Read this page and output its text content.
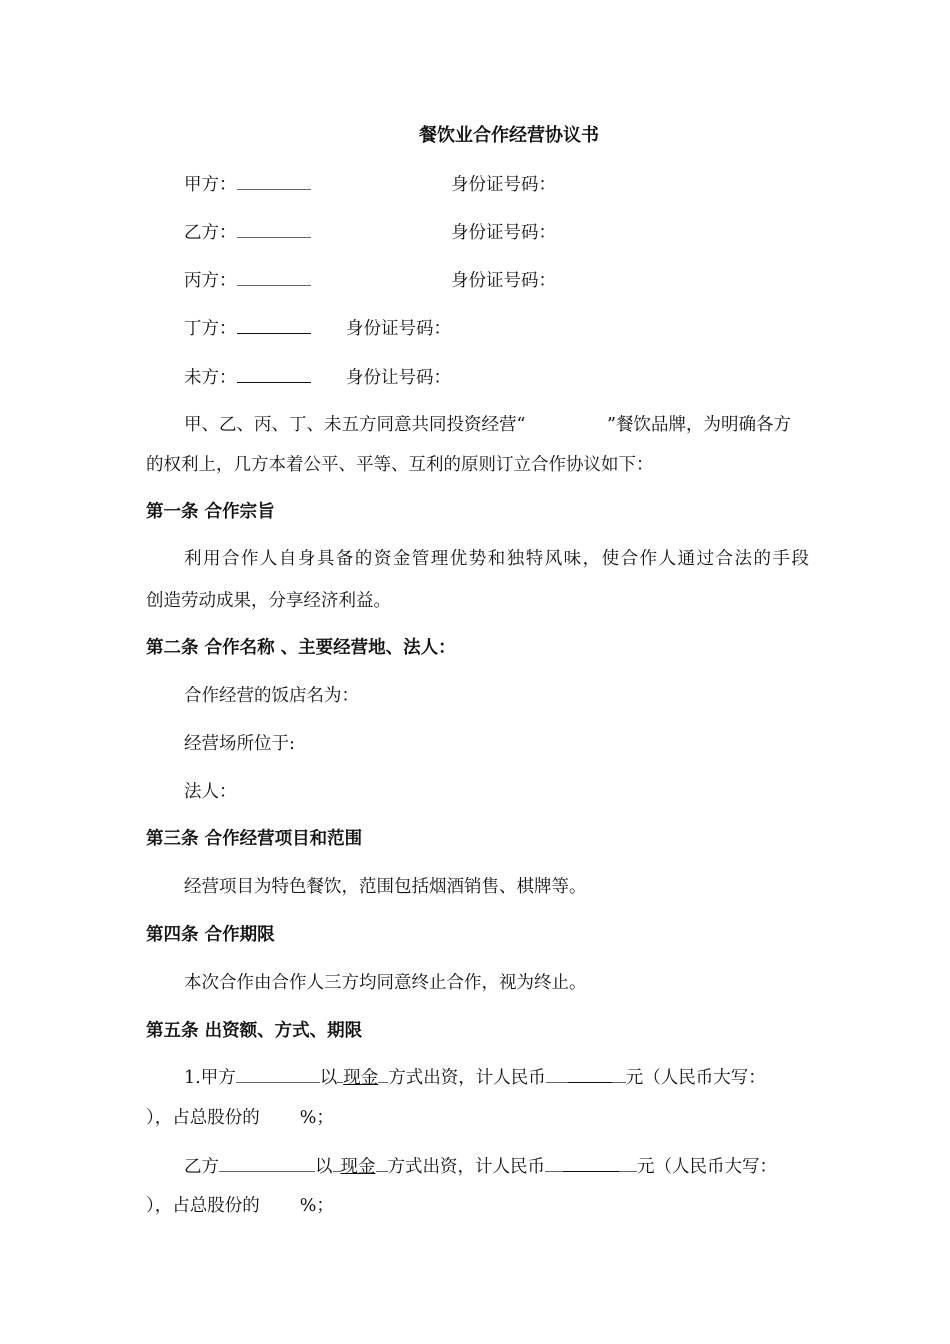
餐饮业合作经营协议书
甲方：	身份证号码：
乙方：	身份证号码：
丙方：	身份证号码：
丁方：	身份证号码：
未方：	身份让号码：
甲、乙、丙、丁、未五方同意共同投资经营“	”餐饮品牌，为明确各方
的权利上，几方本着公平、平等、互利的原则订立合作协议如下：
第一条 合作宗旨
利用合作人自身具备的资金管理优势和独特风味，使合作人通过合法的手段
创造劳动成果，分享经济利益。
第二条 合作名称 、主要经营地、法人：
合作经营的饭店名为：
经营场所位于:
法人：
第三条 合作经营项目和范围
经营项目为特色餐饮，范围包括烟酒销售、棋牌等。
第四条 合作期限
本次合作由合作人三方均同意终止合作，视为终止。
第五条 出资额、方式、期限
1.甲方	以 现金 方式出资，计人民币	元（人民币大写：
），占总股份的 %；
乙方	以 现金 方式出资，计人民币	元（人民币大写：
），占总股份的 %；
